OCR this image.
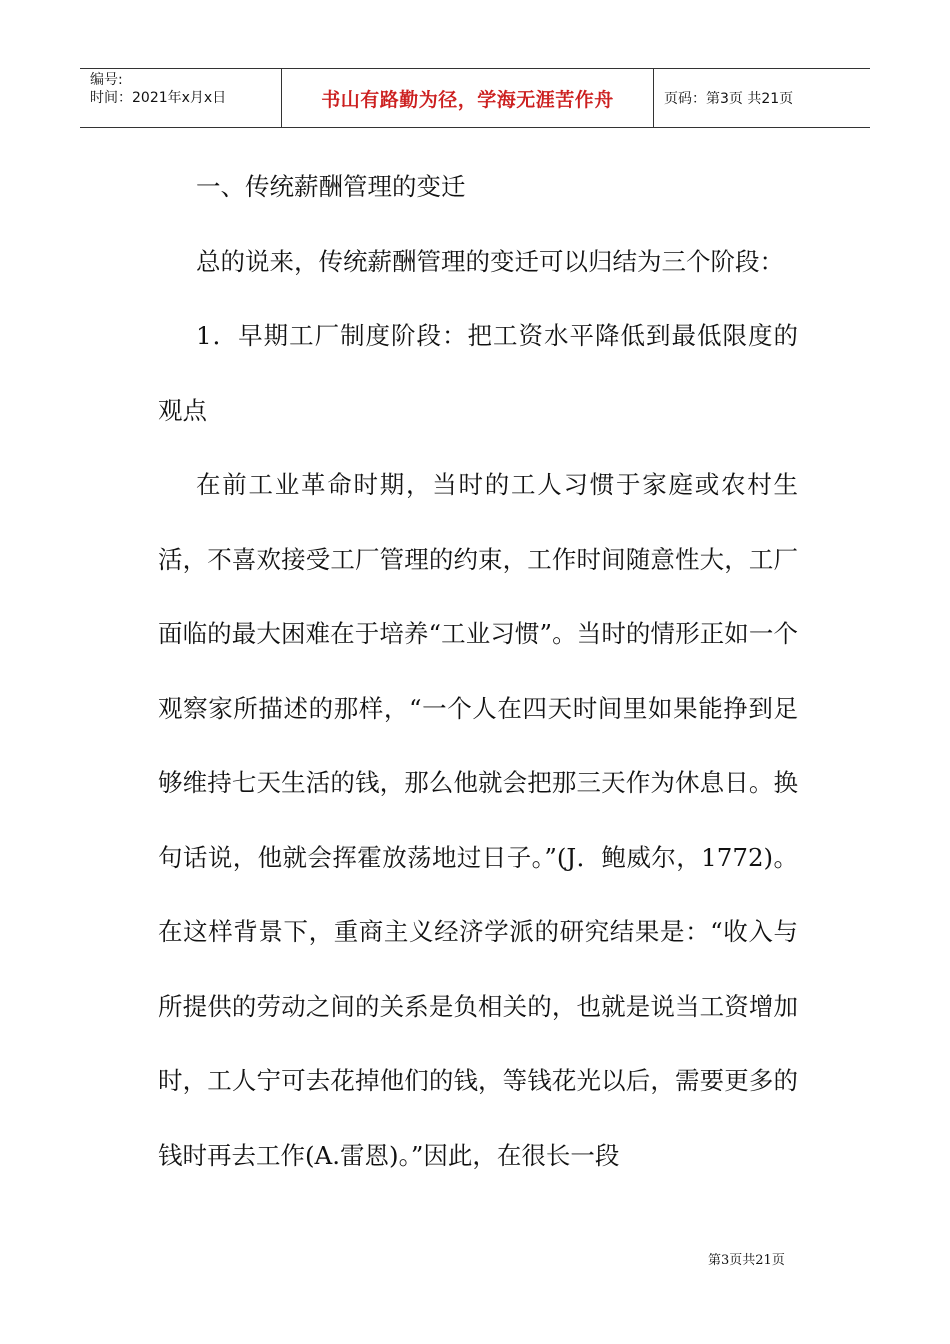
编号:
时间：2021年x月x日	书山有路勤为径，学海无涯苦作舟	页码：第3页 共21页

一、传统薪酬管理的变迁

总的说来，传统薪酬管理的变迁可以归结为三个阶段：

1．早期工厂制度阶段：把工资水平降低到最低限度的观点

在前工业革命时期，当时的工人习惯于家庭或农村生活，不喜欢接受工厂管理的约束，工作时间随意性大，工厂面临的最大困难在于培养“工业习惯”。当时的情形正如一个观察家所描述的那样，“一个人在四天时间里如果能挣到足够维持七天生活的钱，那么他就会把那三天作为休息日。换句话说，他就会挥霍放荡地过日子。”(J．鲍威尔，1772)。在这样背景下，重商主义经济学派的研究结果是：“收入与所提供的劳动之间的关系是负相关的，也就是说当工资增加时，工人宁可去花掉他们的钱，等钱花光以后，需要更多的钱时再去工作(A.雷恩)。”因此，在很长一段

第3页共21页
